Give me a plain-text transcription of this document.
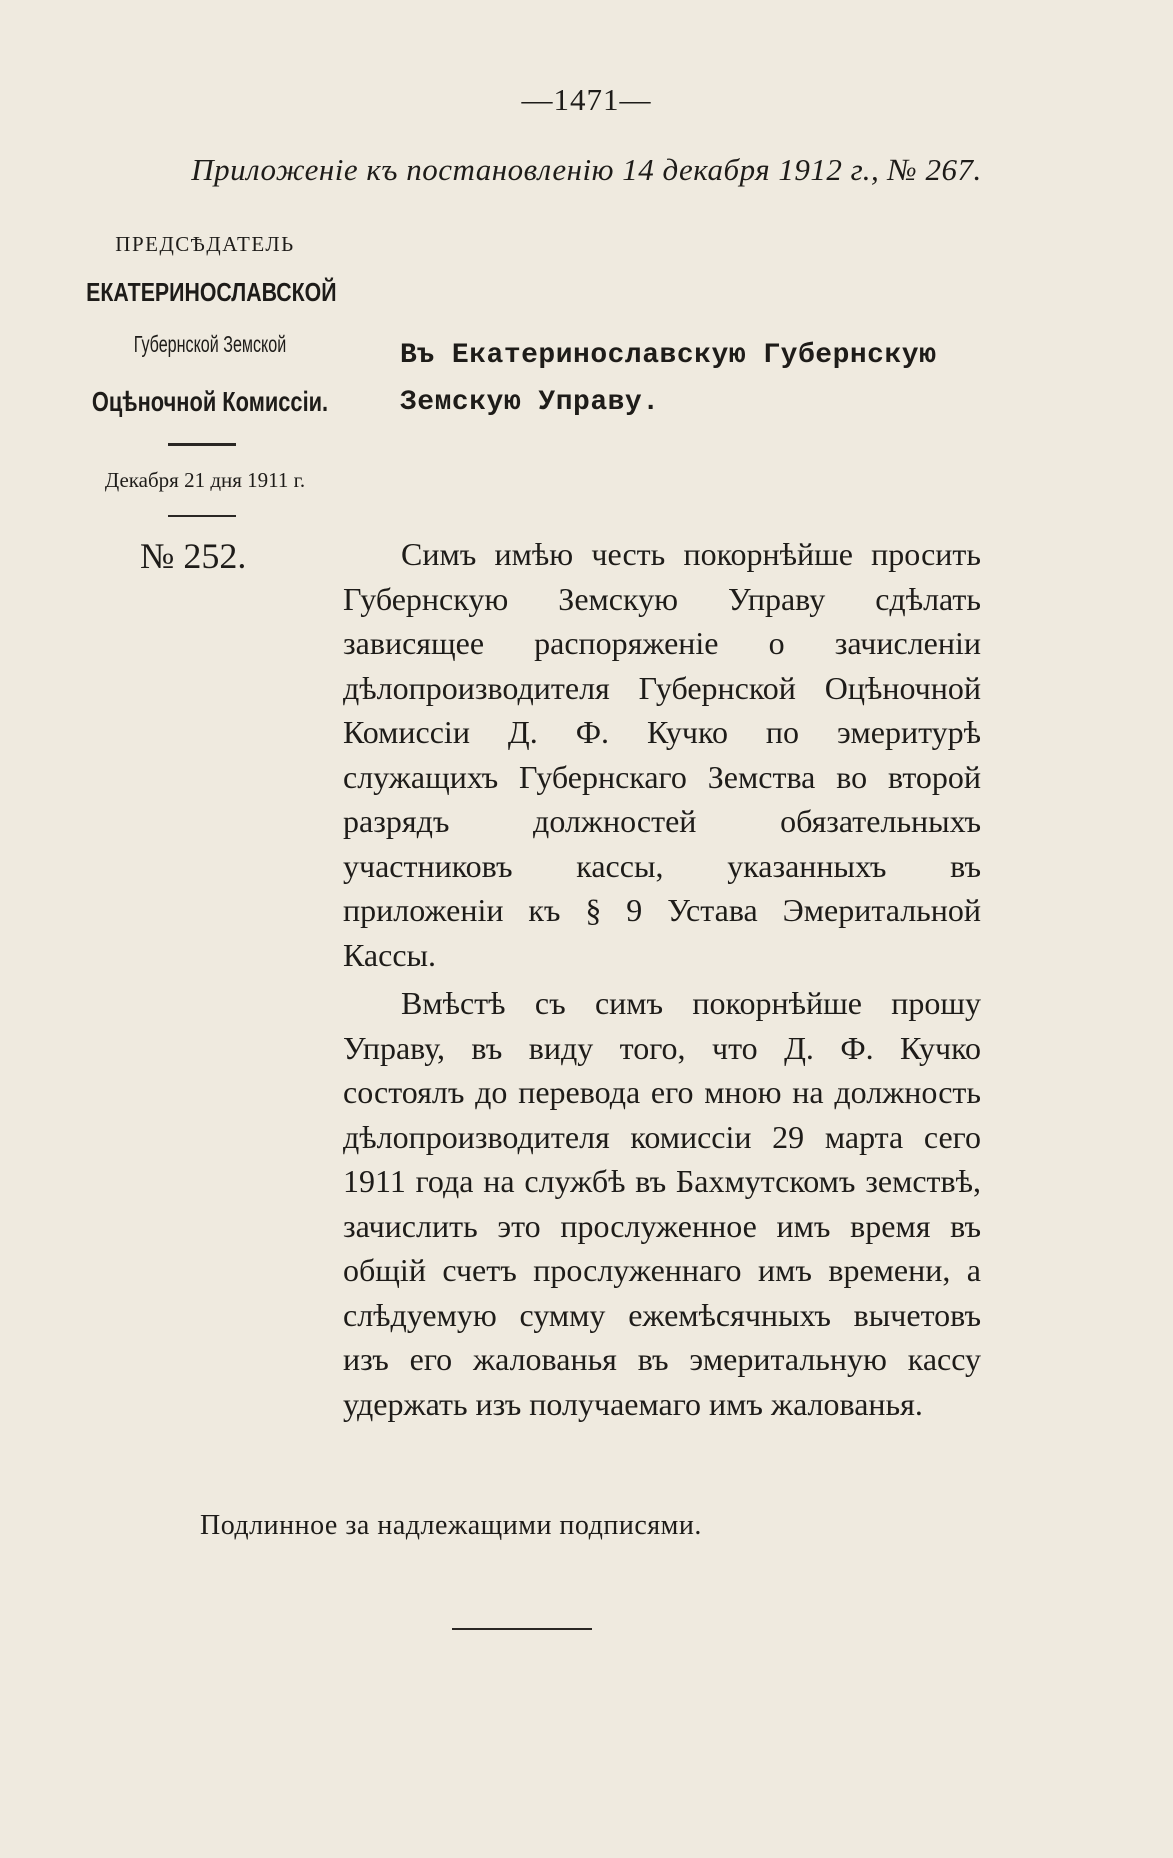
—1471—
Приложеніе къ постановленію 14 декабря 1912 г., № 267.
ПРЕДСѢДАТЕЛЬ
ЕКАТЕРИНОСЛАВСКОЙ
Губернской Земской
Оцѣночной Комиссіи.
Декабря 21 дня 1911 г.
№ 252.
Въ Екатеринославскую Губернскую
Земскую Управу.

Симъ имѣю честь покорнѣйше просить Губернскую Земскую Управу сдѣлать зависящее распоряженіе о зачисленіи дѣлопроизводителя Губернской Оцѣночной Комиссіи Д. Ф. Кучко по эмеритурѣ служащихъ Губернскаго Земства во второй разрядъ должностей обязательныхъ участниковъ кассы, указанныхъ въ приложеніи къ § 9 Устава Эмеритальной Кассы.

Вмѣстѣ съ симъ покорнѣйше прошу Управу, въ виду того, что Д. Ф. Кучко состоялъ до перевода его мною на должность дѣлопроизводителя комиссіи 29 марта сего 1911 года на службѣ въ Бахмутскомъ земствѣ, зачислить это прослуженное имъ время въ общій счетъ прослуженнаго имъ времени, а слѣдуемую сумму ежемѣсячныхъ вычетовъ изъ его жалованья въ эмеритальную кассу удержать изъ получаемаго имъ жалованья.

Подлинное за надлежащими подписями.
